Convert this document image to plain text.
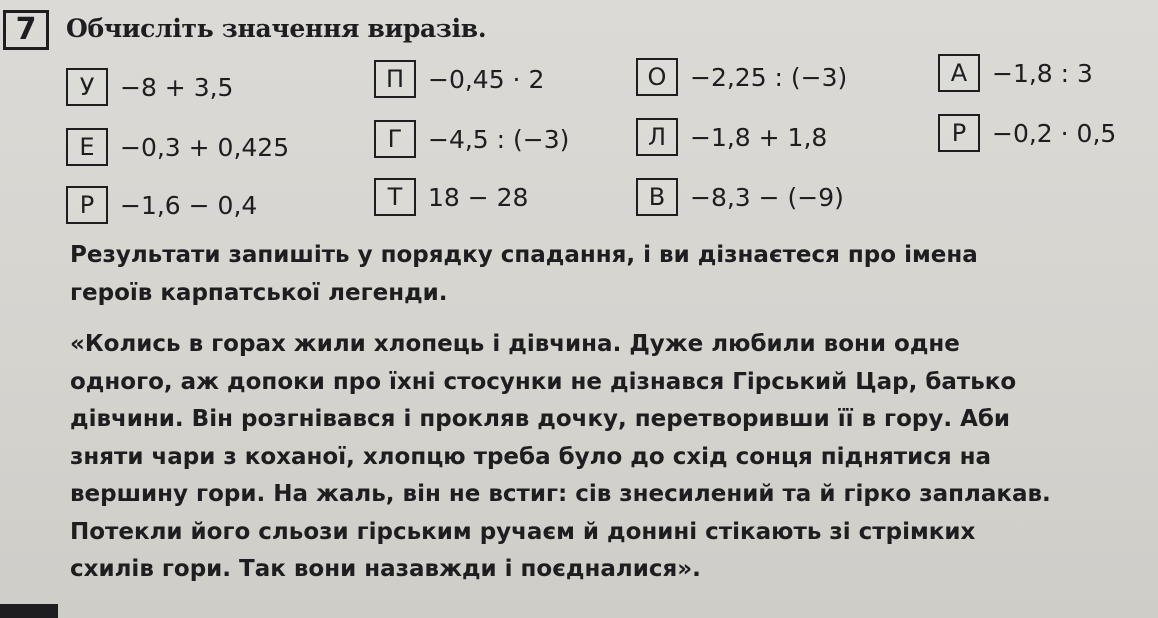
7	Обчисліть значення виразів.
У	−8 + 3,5	П −0,45 · 2	О −2,25 : (−3)	А −1,8 : 3
Е	−0,3 + 0,425	Г	−4,5 : (−3)	Л −1,8 + 1,8	Р	−0,2 · 0,5
Р	−1,6 − 0,4	Т	18 − 28	В −8,3 − (−9)
Результати запишіть у порядку спадання, і ви дізнаєтеся про імена
героїв карпатської легенди.
«Колись в горах жили хлопець і дівчина. Дуже любили вони одне
одного, аж допоки про їхні стосунки не дізнався Гірський Цар, батько
дівчини. Він розгнівався і прокляв дочку, перетворивши її в гору. Аби
зняти чари з коханої, хлопцю треба було до схід сонця піднятися на
вершину гори. На жаль, він не встиг: сів знесилений та й гірко заплакав.
Потекли його сльози гірським ручаєм й донині стікають зі стрімких
схилів гори. Так вони назавжди і поєдналися».
